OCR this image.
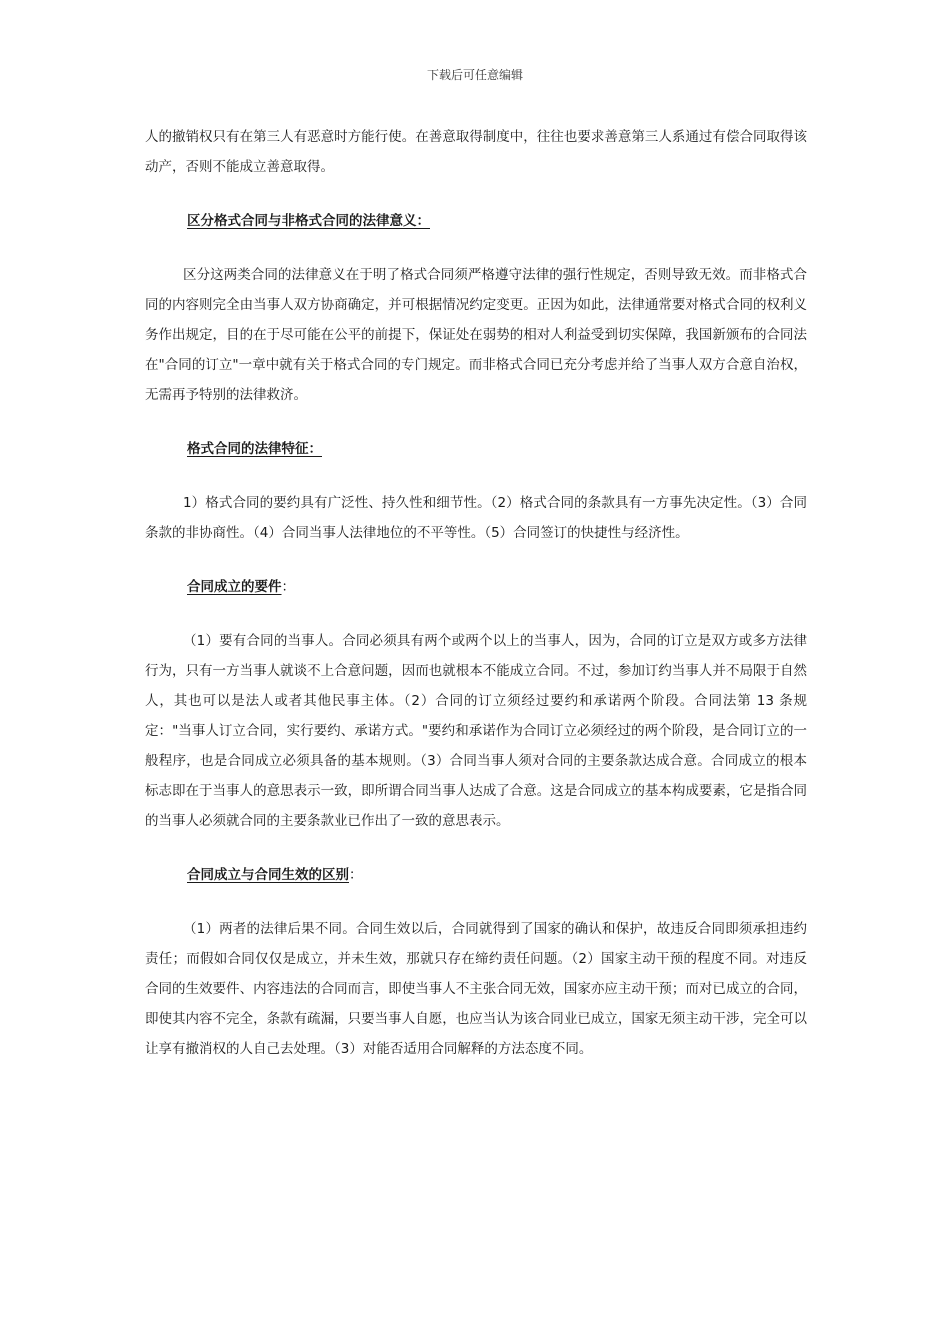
下载后可任意编辑

人的撤销权只有在第三人有恶意时方能行使。在善意取得制度中，往往也要求善意第三人系通过有偿合同取得该动产，否则不能成立善意取得。

区分格式合同与非格式合同的法律意义：

区分这两类合同的法律意义在于明了格式合同须严格遵守法律的强行性规定，否则导致无效。而非格式合同的内容则完全由当事人双方协商确定，并可根据情况约定变更。正因为如此，法律通常要对格式合同的权利义务作出规定，目的在于尽可能在公平的前提下，保证处在弱势的相对人利益受到切实保障，我国新颁布的合同法在"合同的订立"一章中就有关于格式合同的专门规定。而非格式合同已充分考虑并给了当事人双方合意自治权，无需再予特别的法律救济。

格式合同的法律特征：

1）格式合同的要约具有广泛性、持久性和细节性。（2）格式合同的条款具有一方事先决定性。（3）合同条款的非协商性。（4）合同当事人法律地位的不平等性。（5）合同签订的快捷性与经济性。

合同成立的要件：

（1）要有合同的当事人。合同必须具有两个或两个以上的当事人，因为，合同的订立是双方或多方法律行为，只有一方当事人就谈不上合意问题，因而也就根本不能成立合同。不过，参加订约当事人并不局限于自然人，其也可以是法人或者其他民事主体。（2）合同的订立须经过要约和承诺两个阶段。合同法第 13 条规定："当事人订立合同，实行要约、承诺方式。"要约和承诺作为合同订立必须经过的两个阶段，是合同订立的一般程序，也是合同成立必须具备的基本规则。（3）合同当事人须对合同的主要条款达成合意。合同成立的根本标志即在于当事人的意思表示一致，即所谓合同当事人达成了合意。这是合同成立的基本构成要素，它是指合同的当事人必须就合同的主要条款业已作出了一致的意思表示。

合同成立与合同生效的区别：

（1）两者的法律后果不同。合同生效以后，合同就得到了国家的确认和保护，故违反合同即须承担违约责任；而假如合同仅仅是成立，并未生效，那就只存在缔约责任问题。（2）国家主动干预的程度不同。对违反合同的生效要件、内容违法的合同而言，即使当事人不主张合同无效，国家亦应主动干预；而对已成立的合同，即使其内容不完全，条款有疏漏，只要当事人自愿，也应当认为该合同业已成立，国家无须主动干涉，完全可以让享有撤消权的人自己去处理。（3）对能否适用合同解释的方法态度不同。
